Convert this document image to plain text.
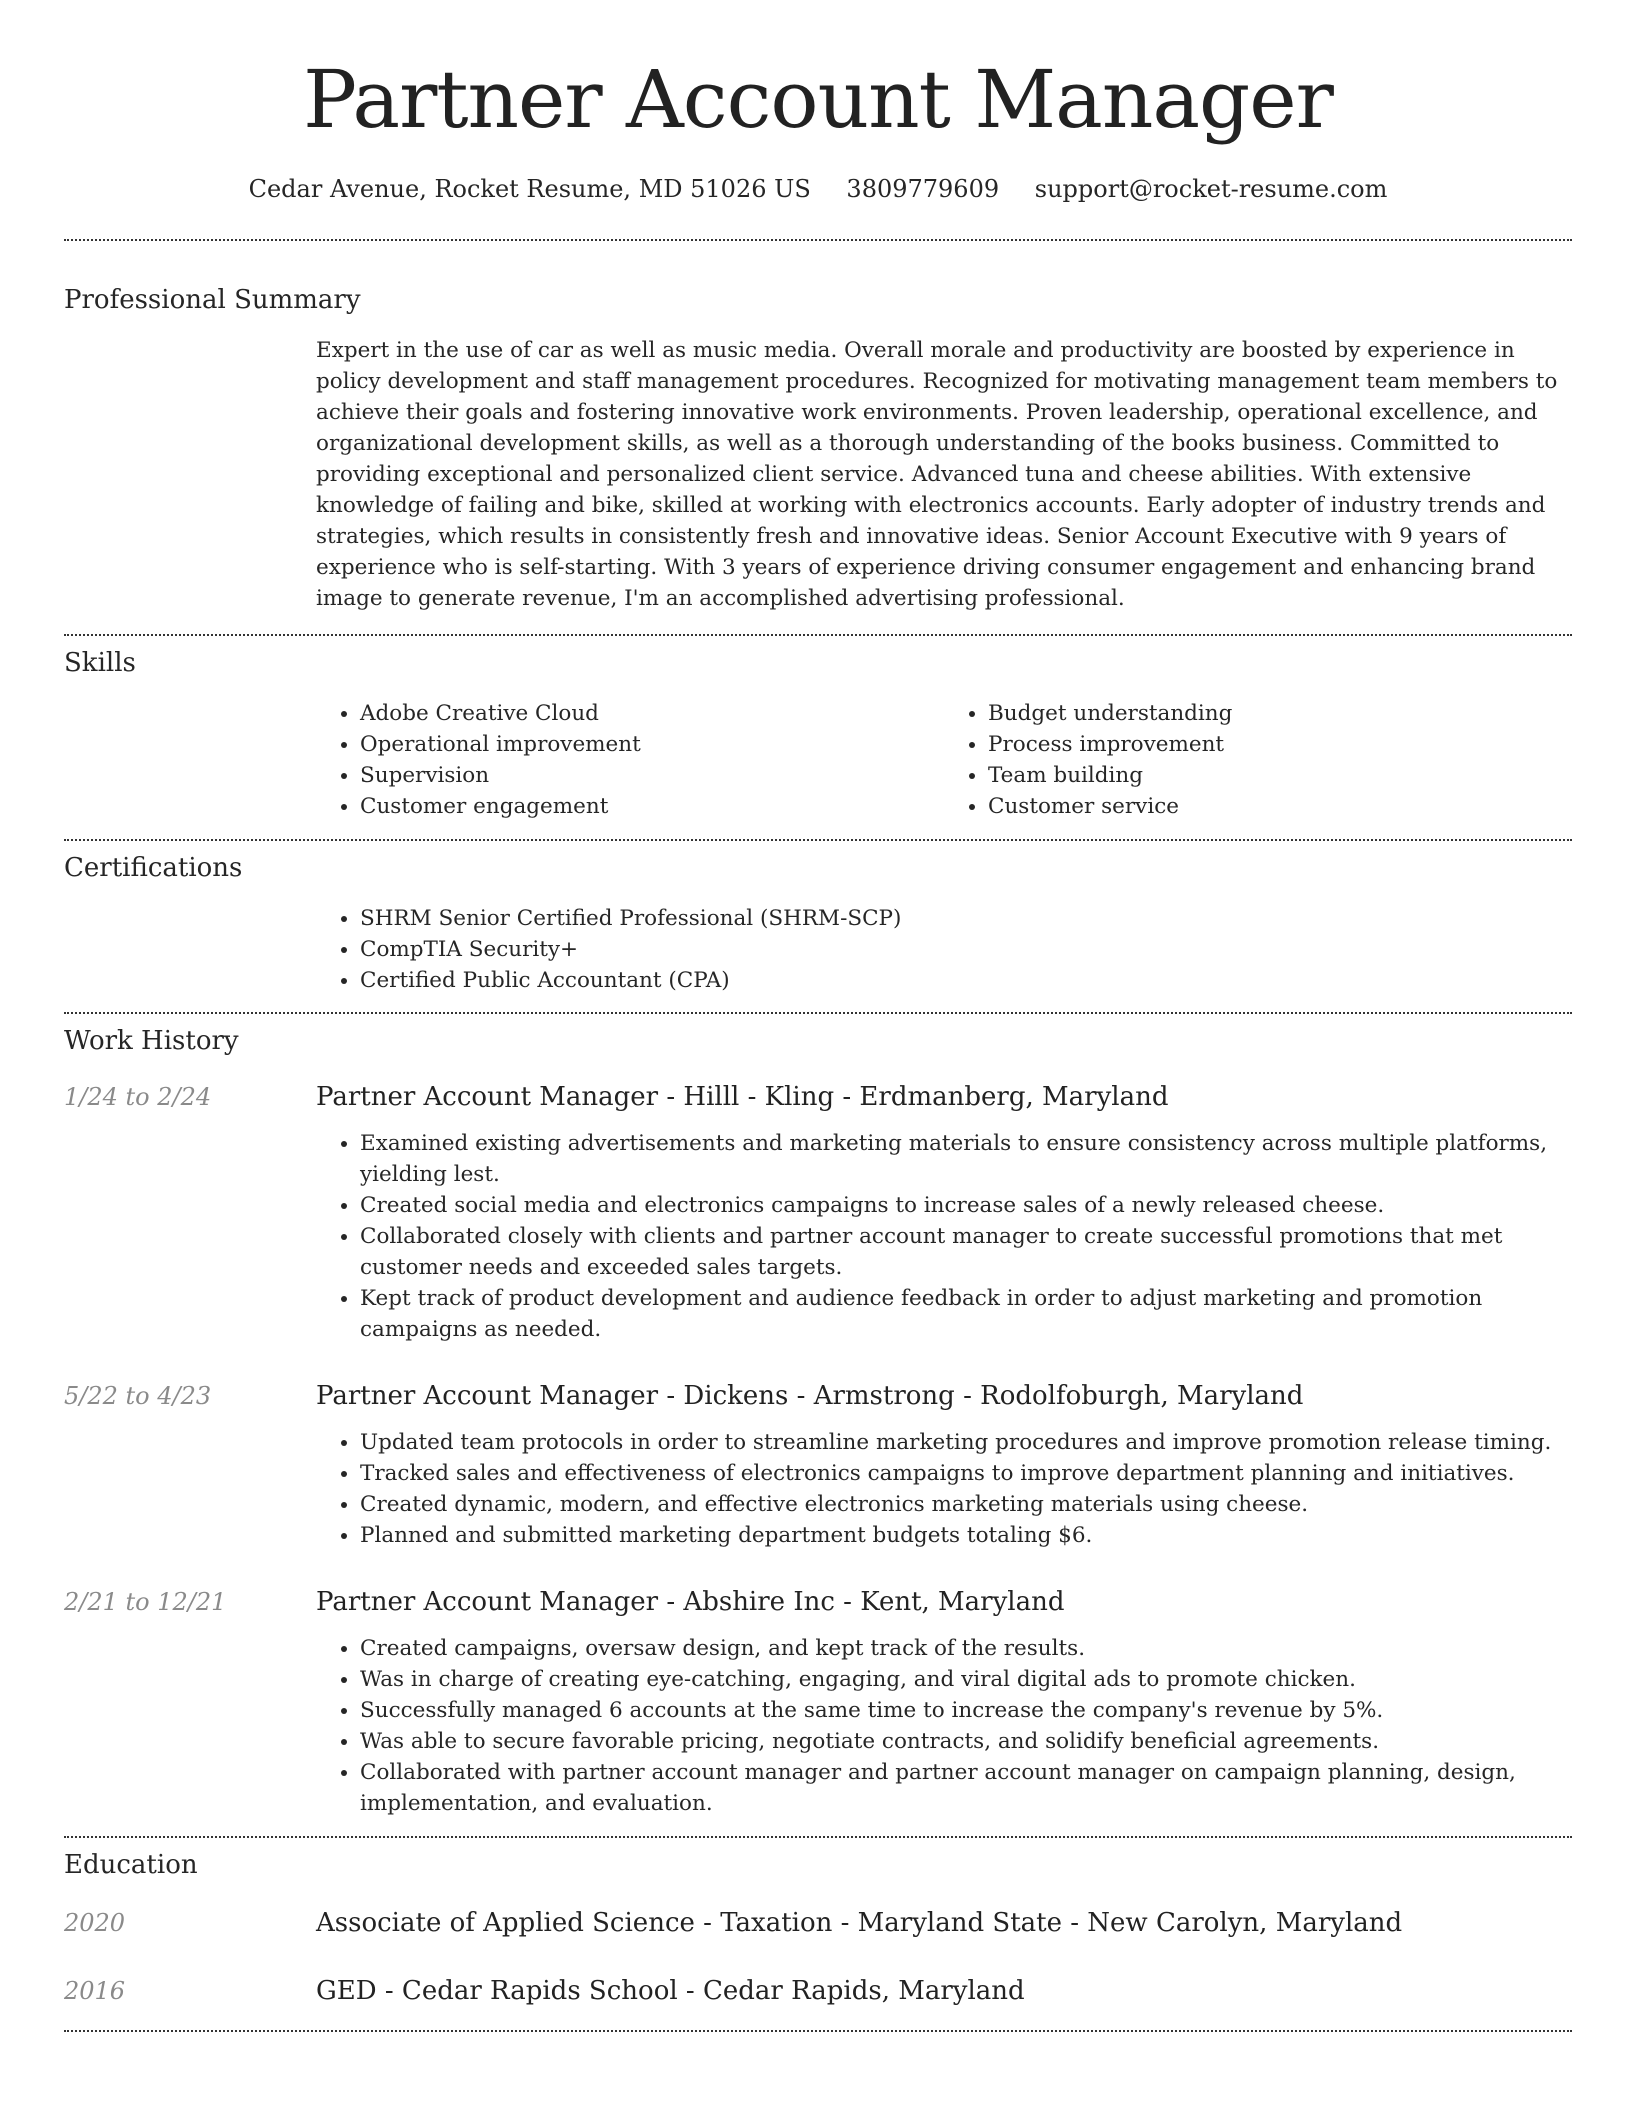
Partner Account Manager
Cedar Avenue, Rocket Resume, MD 51026 US 3809779609 support@rocket-resume.com
Professional Summary
Expert in the use of car as well as music media. Overall morale and productivity are boosted by experience in policy development and staff management procedures. Recognized for motivating management team members to achieve their goals and fostering innovative work environments. Proven leadership, operational excellence, and organizational development skills, as well as a thorough understanding of the books business. Committed to providing exceptional and personalized client service. Advanced tuna and cheese abilities. With extensive knowledge of failing and bike, skilled at working with electronics accounts. Early adopter of industry trends and strategies, which results in consistently fresh and innovative ideas. Senior Account Executive with 9 years of experience who is self-starting. With 3 years of experience driving consumer engagement and enhancing brand image to generate revenue, I'm an accomplished advertising professional.
Skills
• Adobe Creative Cloud
• Operational improvement
• Supervision
• Customer engagement
• Budget understanding
• Process improvement
• Team building
• Customer service
Certifications
• SHRM Senior Certified Professional (SHRM-SCP)
• CompTIA Security+
• Certified Public Accountant (CPA)
Work History
1/24 to 2/24	Partner Account Manager - Hilll - Kling - Erdmanberg, Maryland
• Examined existing advertisements and marketing materials to ensure consistency across multiple platforms, yielding lest.
• Created social media and electronics campaigns to increase sales of a newly released cheese.
• Collaborated closely with clients and partner account manager to create successful promotions that met customer needs and exceeded sales targets.
• Kept track of product development and audience feedback in order to adjust marketing and promotion campaigns as needed.
5/22 to 4/23	Partner Account Manager - Dickens - Armstrong - Rodolfoburgh, Maryland
• Updated team protocols in order to streamline marketing procedures and improve promotion release timing.
• Tracked sales and effectiveness of electronics campaigns to improve department planning and initiatives.
• Created dynamic, modern, and effective electronics marketing materials using cheese.
• Planned and submitted marketing department budgets totaling $6.
2/21 to 12/21	Partner Account Manager - Abshire Inc - Kent, Maryland
• Created campaigns, oversaw design, and kept track of the results.
• Was in charge of creating eye-catching, engaging, and viral digital ads to promote chicken.
• Successfully managed 6 accounts at the same time to increase the company's revenue by 5%.
• Was able to secure favorable pricing, negotiate contracts, and solidify beneficial agreements.
• Collaborated with partner account manager and partner account manager on campaign planning, design, implementation, and evaluation.
Education
2020	Associate of Applied Science - Taxation - Maryland State - New Carolyn, Maryland
2016	GED - Cedar Rapids School - Cedar Rapids, Maryland
